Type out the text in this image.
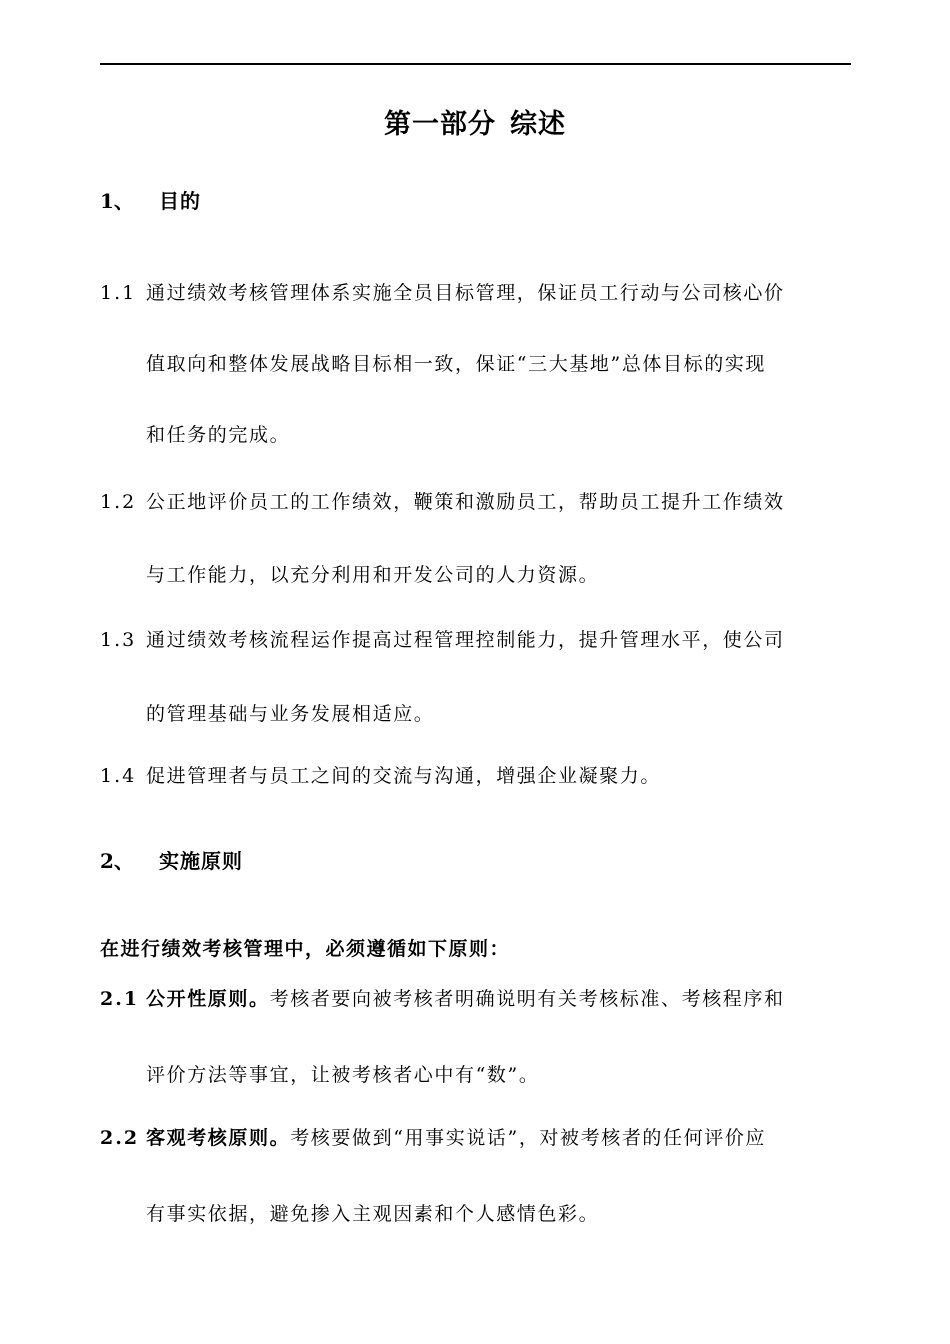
第一部分 综述
1、 目的
1.1 通过绩效考核管理体系实施全员目标管理，保证员工行动与公司核心价
值取向和整体发展战略目标相一致，保证“三大基地”总体目标的实现
和任务的完成。
1.2 公正地评价员工的工作绩效，鞭策和激励员工，帮助员工提升工作绩效
与工作能力，以充分利用和开发公司的人力资源。
1.3 通过绩效考核流程运作提高过程管理控制能力，提升管理水平，使公司
的管理基础与业务发展相适应。
1.4 促进管理者与员工之间的交流与沟通，增强企业凝聚力。
2、 实施原则
在进行绩效考核管理中，必须遵循如下原则：
2.1 公开性原则。考核者要向被考核者明确说明有关考核标准、考核程序和
评价方法等事宜，让被考核者心中有“数”。
2.2 客观考核原则。考核要做到“用事实说话”，对被考核者的任何评价应
有事实依据，避免掺入主观因素和个人感情色彩。
